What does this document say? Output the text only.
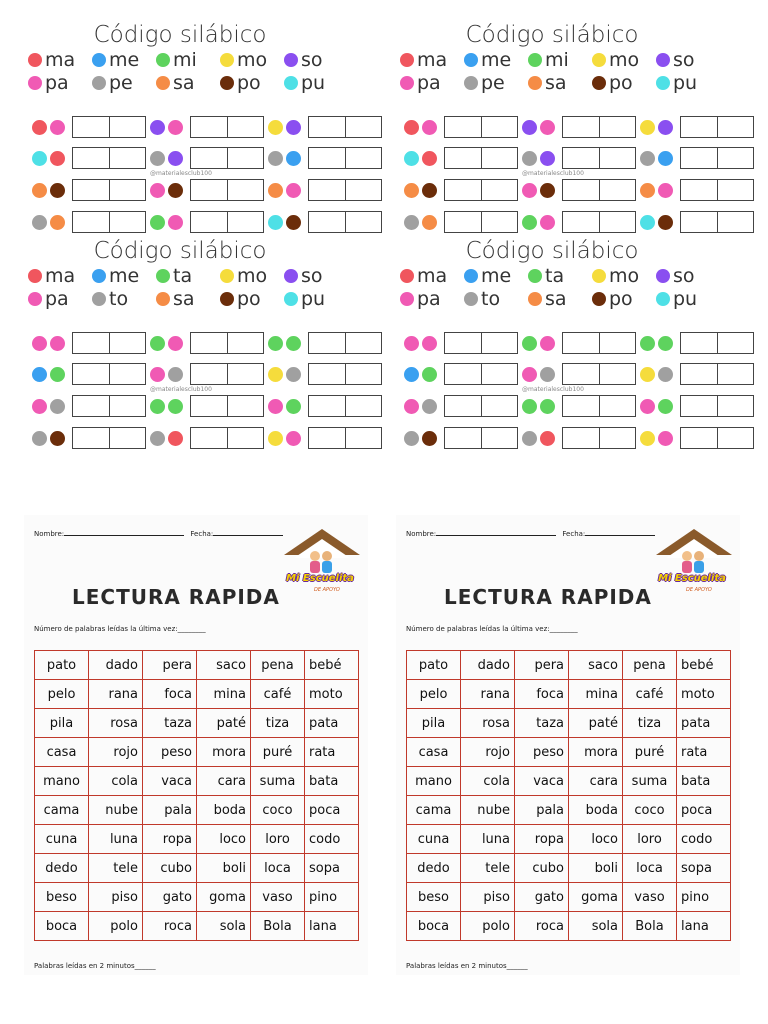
Código silábico
ma me mi mo so
pa pe sa po pu
@materialesclub100
Código silábico
ma me mi mo so
pa pe sa po pu
@materialesclub100
Código silábico
ma me ta mo so
pa to sa po pu
@materialesclub100
Código silábico
ma me ta mo so
pa to sa po pu
@materialesclub100
Nombre:	Fecha:
Mi Escuelita
DE APOYO
LECTURA RAPIDA
Número de palabras leídas la última vez:________
pato	dado	pera	saco	pena	bebé
pelo	rana	foca	mina	café	moto
pila	rosa	taza	paté	tiza	pata
casa	rojo	peso	mora	puré	rata
mano	cola	vaca	cara	suma	bata
cama	nube	pala	boda	coco	poca
cuna	luna	ropa	loco	loro	codo
dedo	tele	cubo	boli	loca	sopa
beso	piso	gato	goma	vaso	pino
boca	polo	roca	sola	Bola	lana
Palabras leídas en 2 minutos______
Nombre:	Fecha:
Mi Escuelita
DE APOYO
LECTURA RAPIDA
Número de palabras leídas la última vez:________
pato	dado	pera	saco	pena	bebé
pelo	rana	foca	mina	café	moto
pila	rosa	taza	paté	tiza	pata
casa	rojo	peso	mora	puré	rata
mano	cola	vaca	cara	suma	bata
cama	nube	pala	boda	coco	poca
cuna	luna	ropa	loco	loro	codo
dedo	tele	cubo	boli	loca	sopa
beso	piso	gato	goma	vaso	pino
boca	polo	roca	sola	Bola	lana
Palabras leídas en 2 minutos______
